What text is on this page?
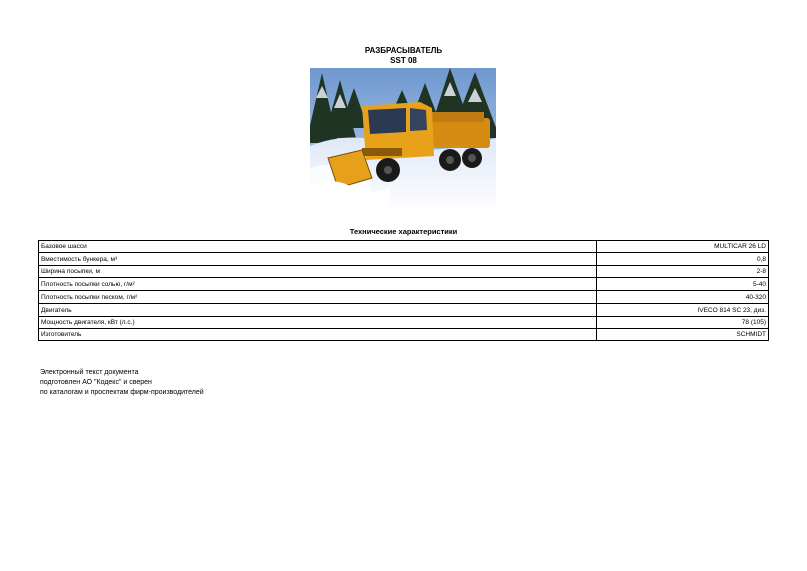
РАЗБРАСЫВАТЕЛЬ
SST 08
Технические характеристики
Базовое шасси	MULTICAR 26 LD
Вместимость бункера, м³	0,8
Ширина посыпки, м	2-8
Плотность посыпки солью, г/м²	5-40
Плотность посыпки песком, г/м²	40-320
Двигатель	IVECO 814 SC 23, диз.
Мощность двигателя, кВт (л.с.)	78 (105)
Изготовитель	SCHMIDT
Электронный текст документа
подготовлен АО "Кодекс" и сверен
по каталогам и проспектам фирм-производителей
